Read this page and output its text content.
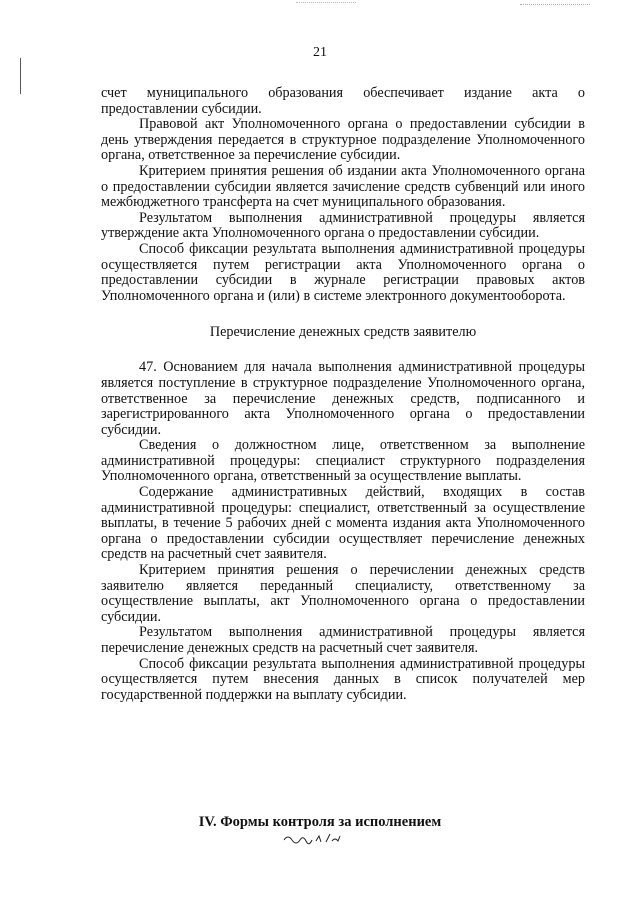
21

счет муниципального образования обеспечивает издание акта о предоставлении субсидии.

Правовой акт Уполномоченного органа о предоставлении субсидии в день утверждения передается в структурное подразделение Уполномоченного органа, ответственное за перечисление субсидии.

Критерием принятия решения об издании акта Уполномоченного органа о предоставлении субсидии является зачисление средств субвенций или иного межбюджетного трансферта на счет муниципального образования.

Результатом выполнения административной процедуры является утверждение акта Уполномоченного органа о предоставлении субсидии.

Способ фиксации результата выполнения административной процедуры осуществляется путем регистрации акта Уполномоченного органа о предоставлении субсидии в журнале регистрации правовых актов Уполномоченного органа и (или) в системе электронного документооборота.

Перечисление денежных средств заявителю

47. Основанием для начала выполнения административной процедуры является поступление в структурное подразделение Уполномоченного органа, ответственное за перечисление денежных средств, подписанного и зарегистрированного акта Уполномоченного органа о предоставлении субсидии.

Сведения о должностном лице, ответственном за выполнение административной процедуры: специалист структурного подразделения Уполномоченного органа, ответственный за осуществление выплаты.

Содержание административных действий, входящих в состав административной процедуры: специалист, ответственный за осуществление выплаты, в течение 5 рабочих дней с момента издания акта Уполномоченного органа о предоставлении субсидии осуществляет перечисление денежных средств на расчетный счет заявителя.

Критерием принятия решения о перечислении денежных средств заявителю является переданный специалисту, ответственному за осуществление выплаты, акт Уполномоченного органа о предоставлении субсидии.

Результатом выполнения административной процедуры является перечисление денежных средств на расчетный счет заявителя.

Способ фиксации результата выполнения административной процедуры осуществляется путем внесения данных в список получателей мер государственной поддержки на выплату субсидии.

IV. Формы контроля за исполнением
